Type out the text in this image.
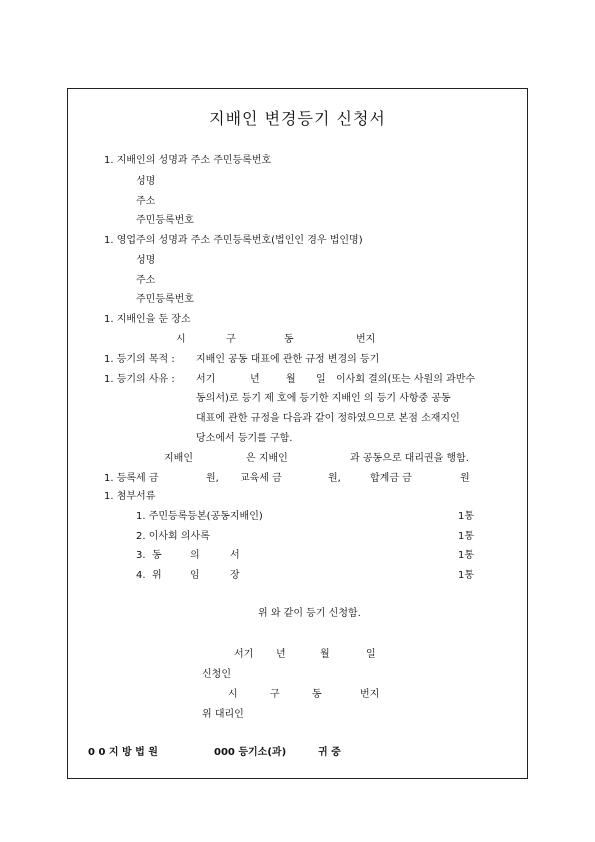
지배인 변경등기 신청서
1. 지배인의 성명과 주소 주민등록번호
성명
주소
주민등록번호
1. 영업주의 성명과 주소 주민등록번호(법인인 경우 법인명)
성명
주소
주민등록번호
1. 지배인을 둔 장소
시	구	동	번지
1. 등기의 목적 : 지배인 공동 대표에 관한 규정 변경의 등기
1. 등기의 사유 : 서기	년	월 일 이사회 결의(또는 사원의 과반수
동의서)로 등기 제 호에 등기한 지배인 의 등기 사항중 공동
대표에 관한 규정을 다음과 같이 정하였으므로 본점 소재지인
당소에서 등기를 구함.
지배인	은 지배인	과 공동으로 대리권을 행함.
1. 등록세 금	원, 교육세 금	원,	합계금 금	원
1. 첨부서류
1. 주민등록등본(공동지배인)	1통
2. 이사회 의사록	1통
3. 동	의	서	1통
4. 위	임	장	1통
위 와 같이 등기 신청함.
서기 년	월	일
신청인
시	구	동	번지
위 대리인
0 0 지 방 법 원	000 등기소(과)	귀 중
